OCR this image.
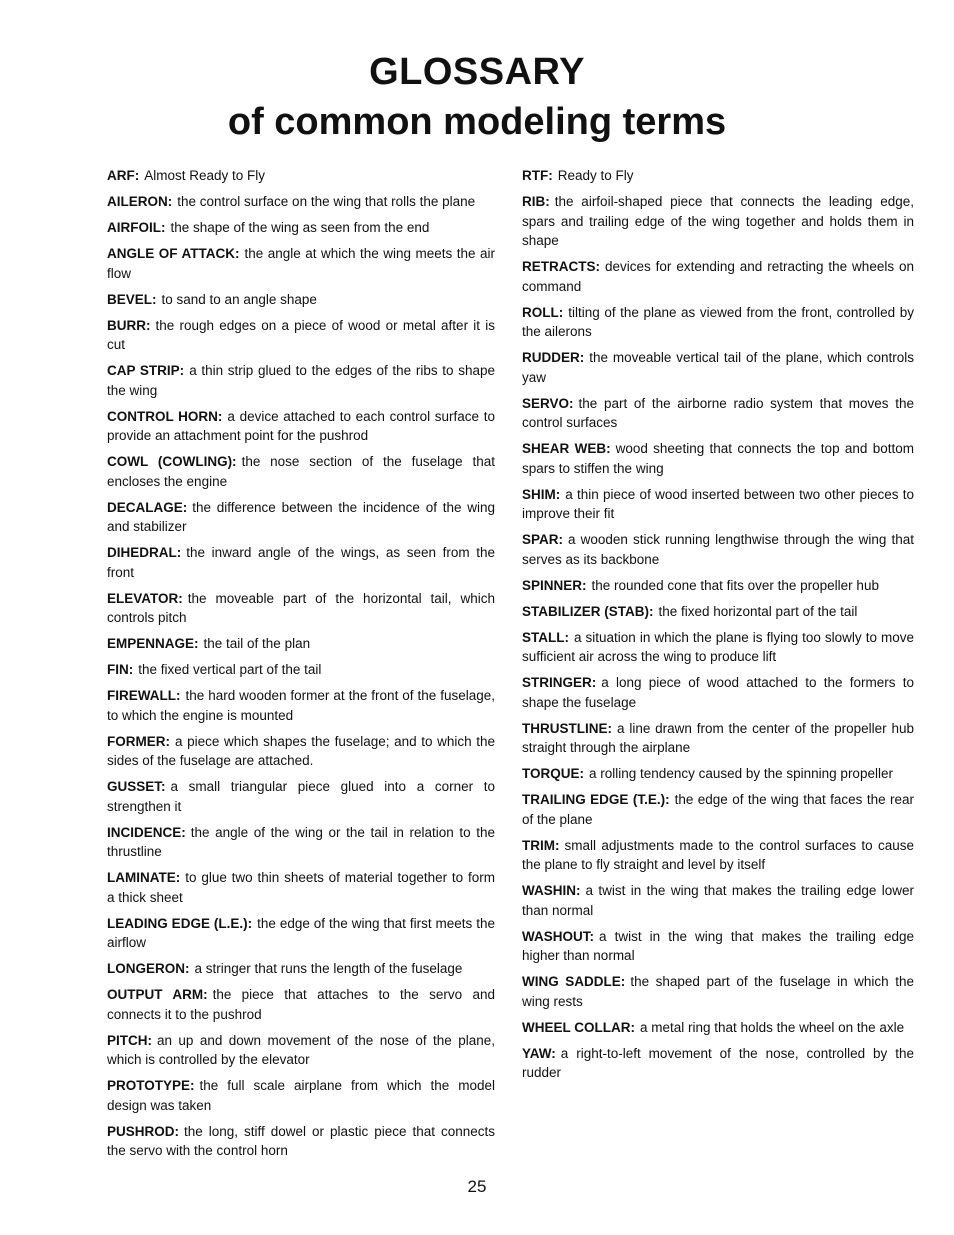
GLOSSARY
of common modeling terms

ARF: Almost Ready to Fly

AILERON: the control surface on the wing that rolls the plane

AIRFOIL: the shape of the wing as seen from the end

ANGLE OF ATTACK: the angle at which the wing meets the air flow

BEVEL: to sand to an angle shape

BURR: the rough edges on a piece of wood or metal after it is cut

CAP STRIP: a thin strip glued to the edges of the ribs to shape the wing

CONTROL HORN: a device attached to each control surface to provide an attachment point for the pushrod

COWL (COWLING): the nose section of the fuselage that encloses the engine

DECALAGE: the difference between the incidence of the wing and stabilizer

DIHEDRAL: the inward angle of the wings, as seen from the front

ELEVATOR: the moveable part of the horizontal tail, which controls pitch

EMPENNAGE: the tail of the plan

FIN: the fixed vertical part of the tail

FIREWALL: the hard wooden former at the front of the fuselage, to which the engine is mounted

FORMER: a piece which shapes the fuselage; and to which the sides of the fuselage are attached.

GUSSET: a small triangular piece glued into a corner to strengthen it

INCIDENCE: the angle of the wing or the tail in relation to the thrustline

LAMINATE: to glue two thin sheets of material together to form a thick sheet

LEADING EDGE (L.E.): the edge of the wing that first meets the airflow

LONGERON: a stringer that runs the length of the fuselage

OUTPUT ARM: the piece that attaches to the servo and connects it to the pushrod

PITCH: an up and down movement of the nose of the plane, which is controlled by the elevator

PROTOTYPE: the full scale airplane from which the model design was taken

PUSHROD: the long, stiff dowel or plastic piece that connects the servo with the control horn

RTF: Ready to Fly

RIB: the airfoil-shaped piece that connects the leading edge, spars and trailing edge of the wing together and holds them in shape

RETRACTS: devices for extending and retracting the wheels on command

ROLL: tilting of the plane as viewed from the front, controlled by the ailerons

RUDDER: the moveable vertical tail of the plane, which controls yaw

SERVO: the part of the airborne radio system that moves the control surfaces

SHEAR WEB: wood sheeting that connects the top and bottom spars to stiffen the wing

SHIM: a thin piece of wood inserted between two other pieces to improve their fit

SPAR: a wooden stick running lengthwise through the wing that serves as its backbone

SPINNER: the rounded cone that fits over the propeller hub

STABILIZER (STAB): the fixed horizontal part of the tail

STALL: a situation in which the plane is flying too slowly to move sufficient air across the wing to produce lift

STRINGER: a long piece of wood attached to the formers to shape the fuselage

THRUSTLINE: a line drawn from the center of the propeller hub straight through the airplane

TORQUE: a rolling tendency caused by the spinning propeller

TRAILING EDGE (T.E.): the edge of the wing that faces the rear of the plane

TRIM: small adjustments made to the control surfaces to cause the plane to fly straight and level by itself

WASHIN: a twist in the wing that makes the trailing edge lower than normal

WASHOUT: a twist in the wing that makes the trailing edge higher than normal

WING SADDLE: the shaped part of the fuselage in which the wing rests

WHEEL COLLAR: a metal ring that holds the wheel on the axle

YAW: a right-to-left movement of the nose, controlled by the rudder

25
